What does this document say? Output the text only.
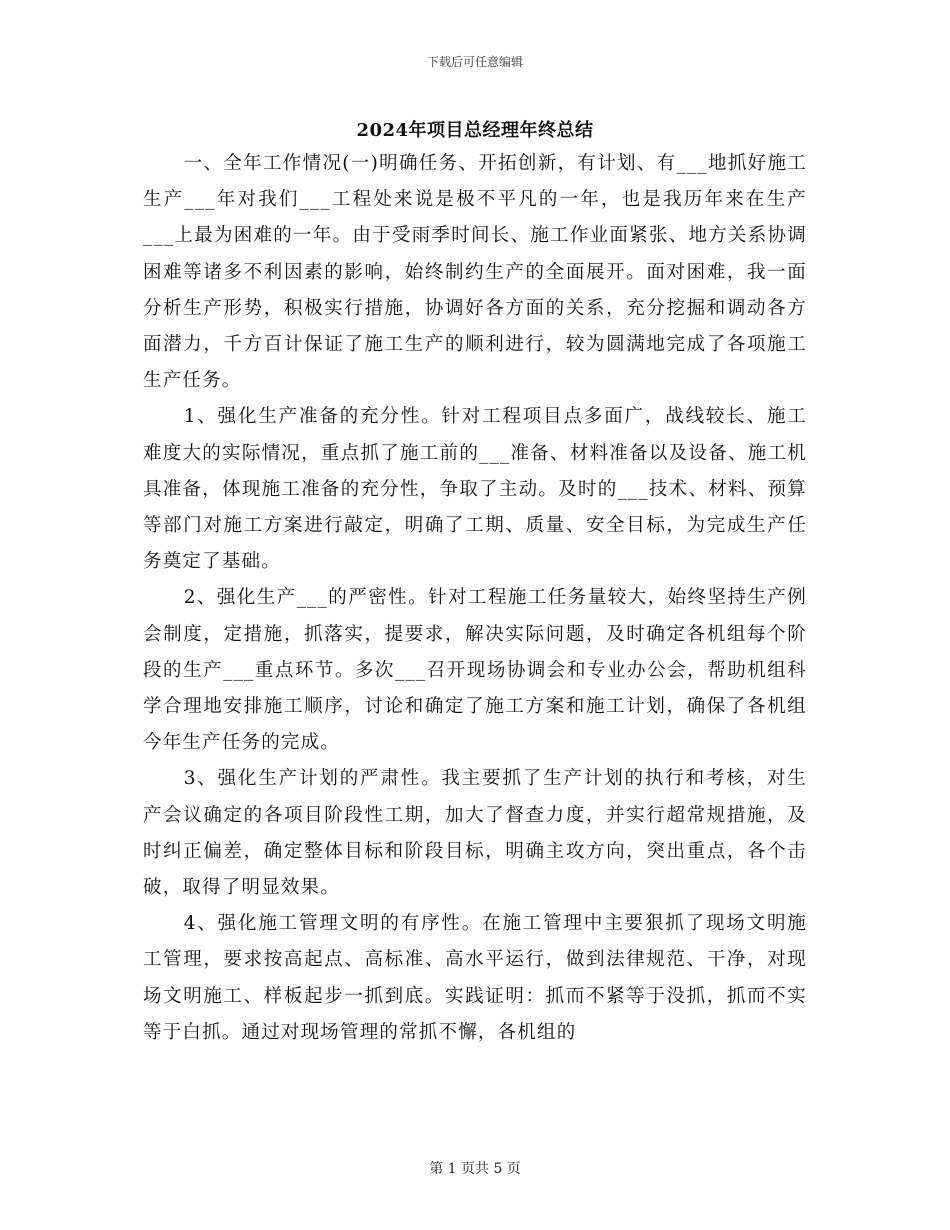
下载后可任意编辑
2024年项目总经理年终总结

一、全年工作情况(一)明确任务、开拓创新，有计划、有___地抓好施工生产___年对我们___工程处来说是极不平凡的一年，也是我历年来在生产___上最为困难的一年。由于受雨季时间长、施工作业面紧张、地方关系协调困难等诸多不利因素的影响，始终制约生产的全面展开。面对困难，我一面分析生产形势，积极实行措施，协调好各方面的关系，充分挖掘和调动各方面潜力，千方百计保证了施工生产的顺利进行，较为圆满地完成了各项施工生产任务。

1、强化生产准备的充分性。针对工程项目点多面广，战线较长、施工难度大的实际情况，重点抓了施工前的___准备、材料准备以及设备、施工机具准备，体现施工准备的充分性，争取了主动。及时的___技术、材料、预算等部门对施工方案进行敲定，明确了工期、质量、安全目标，为完成生产任务奠定了基础。

2、强化生产___的严密性。针对工程施工任务量较大，始终坚持生产例会制度，定措施，抓落实，提要求，解决实际问题，及时确定各机组每个阶段的生产___重点环节。多次___召开现场协调会和专业办公会，帮助机组科学合理地安排施工顺序，讨论和确定了施工方案和施工计划，确保了各机组今年生产任务的完成。

3、强化生产计划的严肃性。我主要抓了生产计划的执行和考核，对生产会议确定的各项目阶段性工期，加大了督查力度，并实行超常规措施，及时纠正偏差，确定整体目标和阶段目标，明确主攻方向，突出重点，各个击破，取得了明显效果。

4、强化施工管理文明的有序性。在施工管理中主要狠抓了现场文明施工管理，要求按高起点、高标准、高水平运行，做到法律规范、干净，对现场文明施工、样板起步一抓到底。实践证明：抓而不紧等于没抓，抓而不实等于白抓。通过对现场管理的常抓不懈，各机组的

第 1 页共 5 页
